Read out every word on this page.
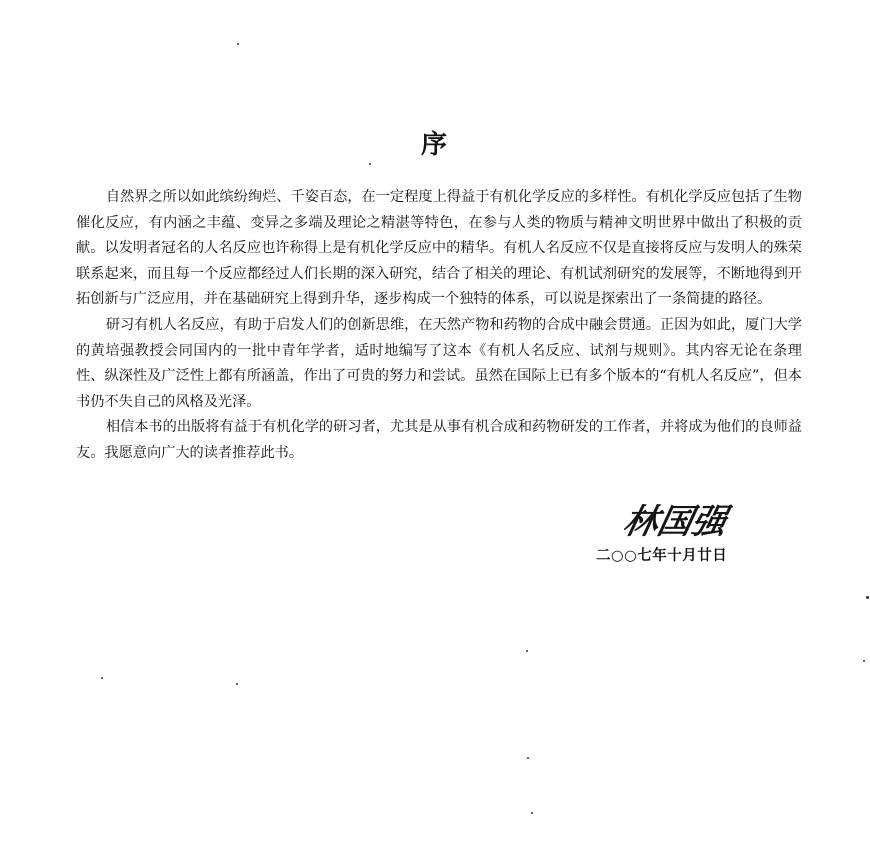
序

自然界之所以如此缤纷绚烂、千姿百态，在一定程度上得益于有机化学反应的多样性。有机化学反应包括了生物催化反应，有内涵之丰蕴、变异之多端及理论之精湛等特色，在参与人类的物质与精神文明世界中做出了积极的贡献。以发明者冠名的人名反应也许称得上是有机化学反应中的精华。有机人名反应不仅是直接将反应与发明人的殊荣联系起来，而且每一个反应都经过人们长期的深入研究，结合了相关的理论、有机试剂研究的发展等，不断地得到开拓创新与广泛应用，并在基础研究上得到升华，逐步构成一个独特的体系，可以说是探索出了一条简捷的路径。

研习有机人名反应，有助于启发人们的创新思维，在天然产物和药物的合成中融会贯通。正因为如此，厦门大学的黄培强教授会同国内的一批中青年学者，适时地编写了这本《有机人名反应、试剂与规则》。其内容无论在条理性、纵深性及广泛性上都有所涵盖，作出了可贵的努力和尝试。虽然在国际上已有多个版本的“有机人名反应”，但本书仍不失自己的风格及光泽。

相信本书的出版将有益于有机化学的研习者，尤其是从事有机合成和药物研发的工作者，并将成为他们的良师益友。我愿意向广大的读者推荐此书。

林国强
二○○七年十月廿日
